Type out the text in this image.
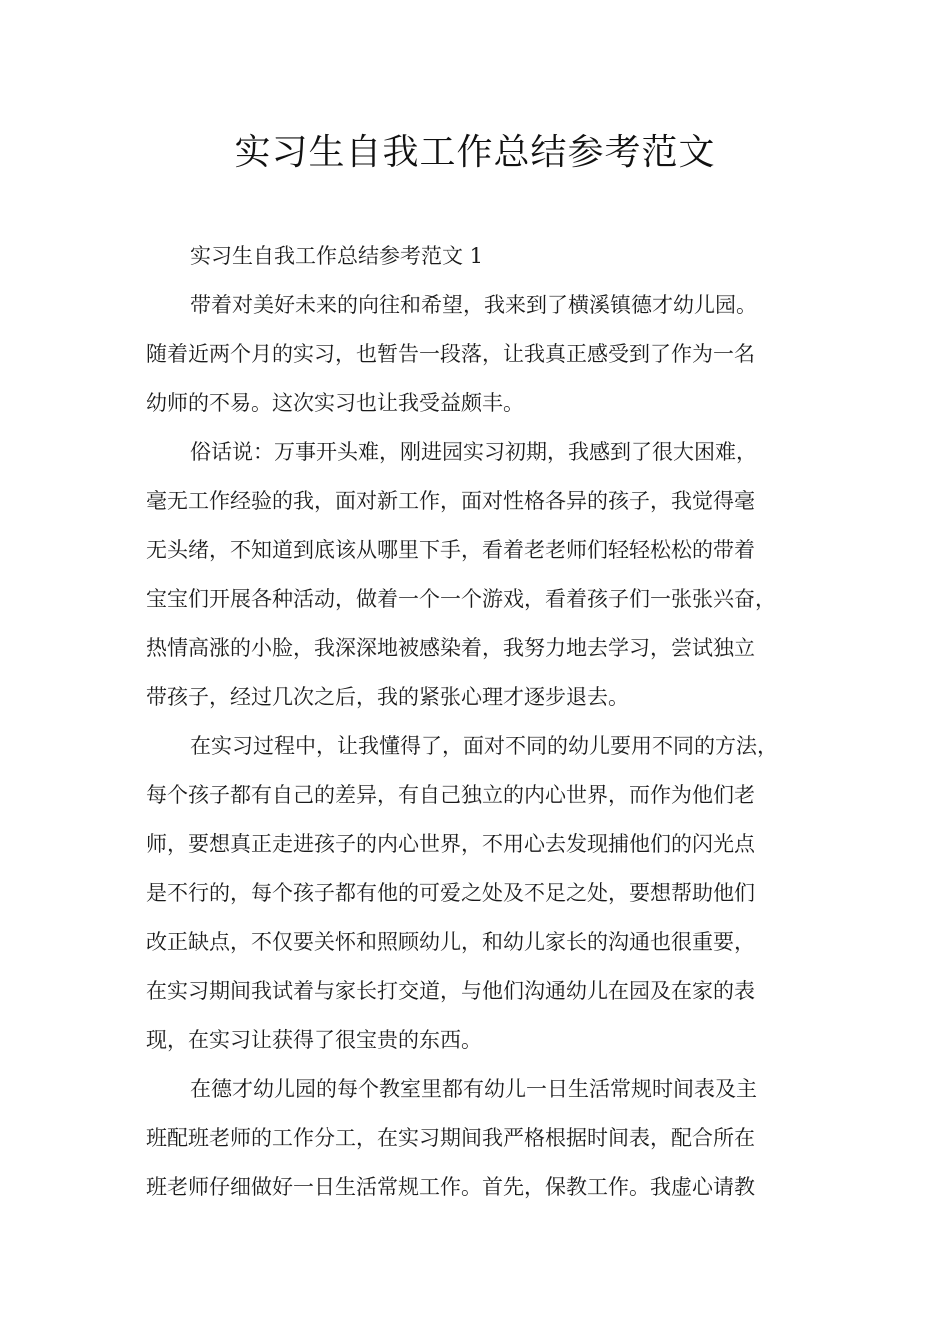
实习生自我工作总结参考范文

实习生自我工作总结参考范文 1

带着对美好未来的向往和希望，我来到了横溪镇德才幼儿园。
随着近两个月的实习，也暂告一段落，让我真正感受到了作为一名
幼师的不易。这次实习也让我受益颇丰。

俗话说：万事开头难，刚进园实习初期，我感到了很大困难，
毫无工作经验的我，面对新工作，面对性格各异的孩子，我觉得毫
无头绪，不知道到底该从哪里下手，看着老老师们轻轻松松的带着
宝宝们开展各种活动，做着一个一个游戏，看着孩子们一张张兴奋，
热情高涨的小脸，我深深地被感染着，我努力地去学习，尝试独立
带孩子，经过几次之后，我的紧张心理才逐步退去。

在实习过程中，让我懂得了，面对不同的幼儿要用不同的方法，
每个孩子都有自己的差异，有自己独立的内心世界，而作为他们老
师，要想真正走进孩子的内心世界，不用心去发现捕他们的闪光点
是不行的，每个孩子都有他的可爱之处及不足之处，要想帮助他们
改正缺点，不仅要关怀和照顾幼儿，和幼儿家长的沟通也很重要，
在实习期间我试着与家长打交道，与他们沟通幼儿在园及在家的表
现，在实习让获得了很宝贵的东西。

在德才幼儿园的每个教室里都有幼儿一日生活常规时间表及主
班配班老师的工作分工，在实习期间我严格根据时间表，配合所在
班老师仔细做好一日生活常规工作。首先，保教工作。我虚心请教
